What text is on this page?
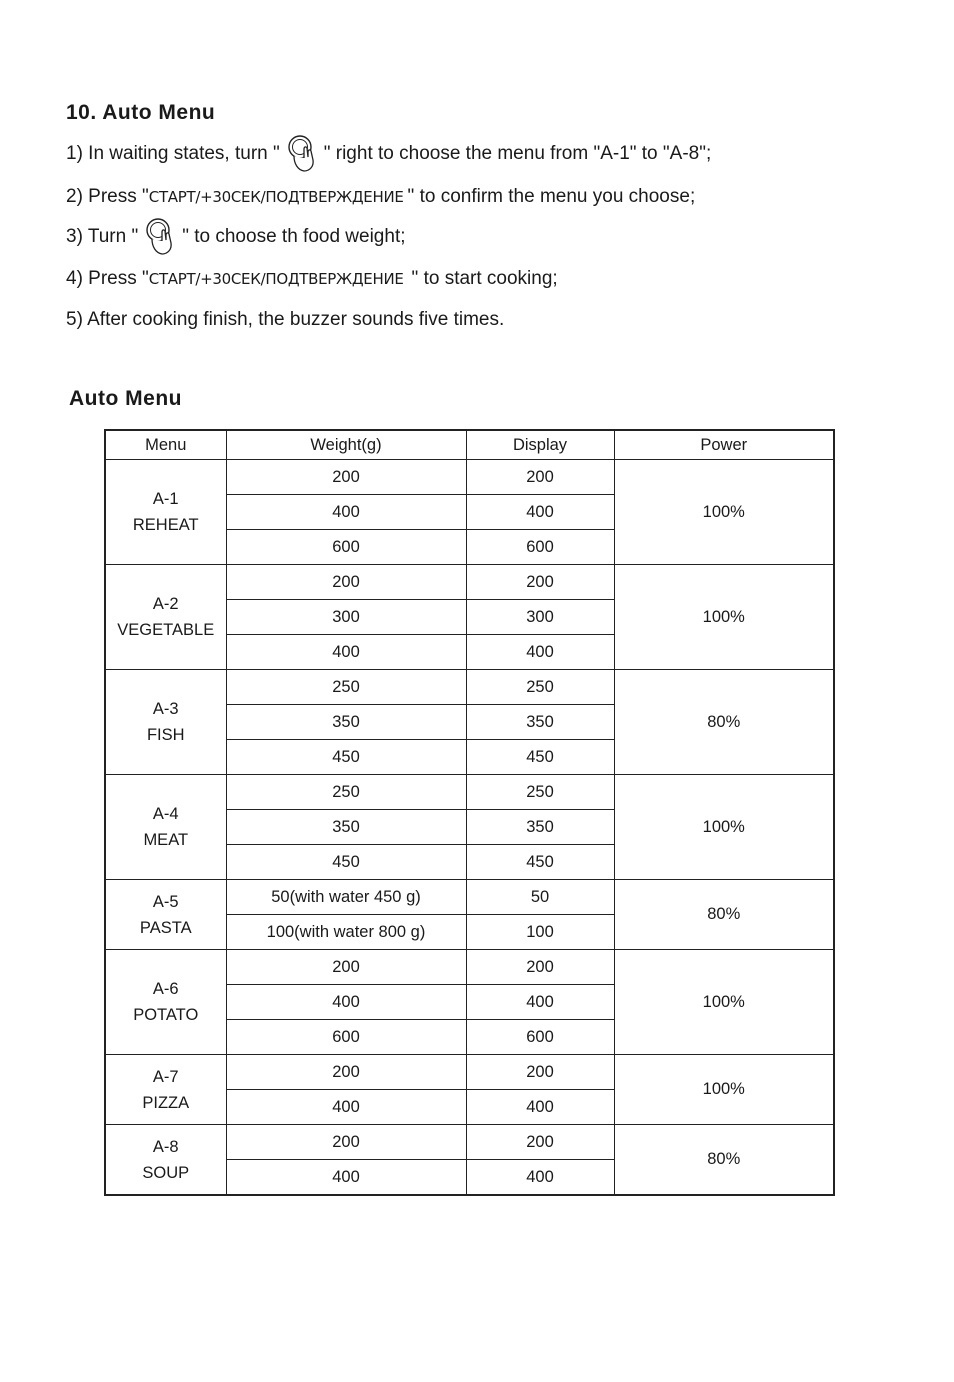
10. Auto Menu
1) In waiting states, turn " " right to choose the menu from "A-1" to "A-8";
2) Press " СТАРТ/+30СЕК/ПОДТВЕРЖДЕНИЕ " to confirm the menu you choose;
3) Turn " " to choose th food weight;
4) Press " СТАРТ/+30СЕК/ПОДТВЕРЖДЕНИЕ " to start cooking;
5) After cooking finish, the buzzer sounds five times.
Auto Menu
Menu	Weight(g)	Display	Power

A-1
REHEAT	200	200	100%
	400	400	
	600	600	

A-2
VEGETABLE	200	200	100%
	300	300	
	400	400	

A-3
FISH	250	250	80%
	350	350	
	450	450	

A-4
MEAT	250	250	100%
	350	350	
	450	450	

A-5
PASTA	50(with water 450 g)	50	80%
	100(with water 800 g)	100	

A-6
POTATO	200	200	100%
	400	400	
	600	600	

A-7
PIZZA	200	200	100%
	400	400	

A-8
SOUP	200	200	80%
	400	400	
